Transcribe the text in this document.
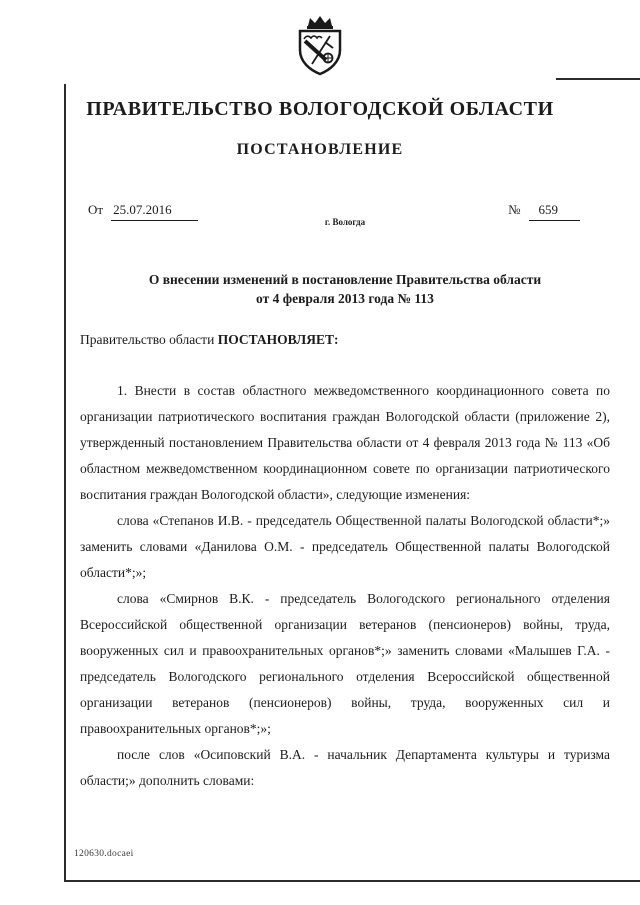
ПРАВИТЕЛЬСТВО ВОЛОГОДСКОЙ ОБЛАСТИ
ПОСТАНОВЛЕНИЕ
От 25.07.2016
г. Вологда
№ 659
О внесении изменений в постановление Правительства области
от 4 февраля 2013 года № 113
Правительство области ПОСТАНОВЛЯЕТ:

1. Внести в состав областного межведомственного координационного совета по организации патриотического воспитания граждан Вологодской области (приложение 2), утвержденный постановлением Правительства области от 4 февраля 2013 года № 113 «Об областном межведомственном координационном совете по организации патриотического воспитания граждан Вологодской области», следующие изменения:

слова «Степанов И.В. - председатель Общественной палаты Вологодской области*;» заменить словами «Данилова О.М. - председатель Общественной палаты Вологодской области*;»;

слова «Смирнов В.К. - председатель Вологодского регионального отделения Всероссийской общественной организации ветеранов (пенсионеров) войны, труда, вооруженных сил и правоохранительных органов*;» заменить словами «Малышев Г.А. - председатель Вологодского регионального отделения Всероссийской общественной организации ветеранов (пенсионеров) войны, труда, вооруженных сил и правоохранительных органов*;»;

после слов «Осиповский В.А. - начальник Департамента культуры и туризма области;» дополнить словами:

120630.docaei
